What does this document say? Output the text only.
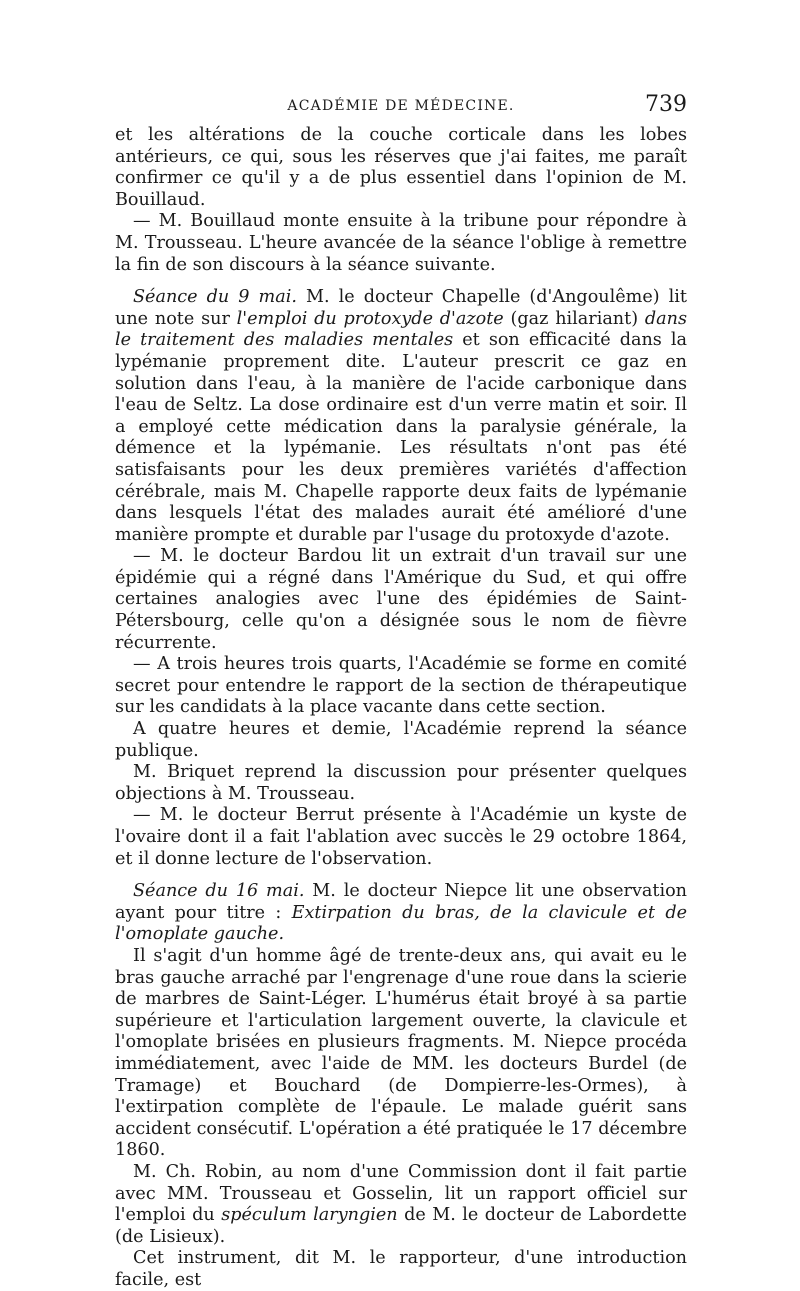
ACADÉMIE DE MÉDECINE.	739

et les altérations de la couche corticale dans les lobes antérieurs, ce qui, sous les réserves que j'ai faites, me paraît confirmer ce qu'il y a de plus essentiel dans l'opinion de M. Bouillaud.

— M. Bouillaud monte ensuite à la tribune pour répondre à M. Trousseau. L'heure avancée de la séance l'oblige à remettre la fin de son discours à la séance suivante.

Séance du 9 mai. M. le docteur Chapelle (d'Angoulême) lit une note sur l'emploi du protoxyde d'azote (gaz hilariant) dans le traitement des maladies mentales et son efficacité dans la lypémanie proprement dite. L'auteur prescrit ce gaz en solution dans l'eau, à la manière de l'acide carbonique dans l'eau de Seltz. La dose ordinaire est d'un verre matin et soir. Il a employé cette médication dans la paralysie générale, la démence et la lypémanie. Les résultats n'ont pas été satisfaisants pour les deux premières variétés d'affection cérébrale, mais M. Chapelle rapporte deux faits de lypémanie dans lesquels l'état des malades aurait été amélioré d'une manière prompte et durable par l'usage du protoxyde d'azote.

— M. le docteur Bardou lit un extrait d'un travail sur une épidémie qui a régné dans l'Amérique du Sud, et qui offre certaines analogies avec l'une des épidémies de Saint-Pétersbourg, celle qu'on a désignée sous le nom de fièvre récurrente.

— A trois heures trois quarts, l'Académie se forme en comité secret pour entendre le rapport de la section de thérapeutique sur les candidats à la place vacante dans cette section.

A quatre heures et demie, l'Académie reprend la séance publique.

M. Briquet reprend la discussion pour présenter quelques objections à M. Trousseau.

— M. le docteur Berrut présente à l'Académie un kyste de l'ovaire dont il a fait l'ablation avec succès le 29 octobre 1864, et il donne lecture de l'observation.

Séance du 16 mai. M. le docteur Niepce lit une observation ayant pour titre : Extirpation du bras, de la clavicule et de l'omoplate gauche.

Il s'agit d'un homme âgé de trente-deux ans, qui avait eu le bras gauche arraché par l'engrenage d'une roue dans la scierie de marbres de Saint-Léger. L'humérus était broyé à sa partie supérieure et l'articulation largement ouverte, la clavicule et l'omoplate brisées en plusieurs fragments. M. Niepce procéda immédiatement, avec l'aide de MM. les docteurs Burdel (de Tramage) et Bouchard (de Dompierre-les-Ormes), à l'extirpation complète de l'épaule. Le malade guérit sans accident consécutif. L'opération a été pratiquée le 17 décembre 1860.

M. Ch. Robin, au nom d'une Commission dont il fait partie avec MM. Trousseau et Gosselin, lit un rapport officiel sur l'emploi du spéculum laryngien de M. le docteur de Labordette (de Lisieux).

Cet instrument, dit M. le rapporteur, d'une introduction facile, est
